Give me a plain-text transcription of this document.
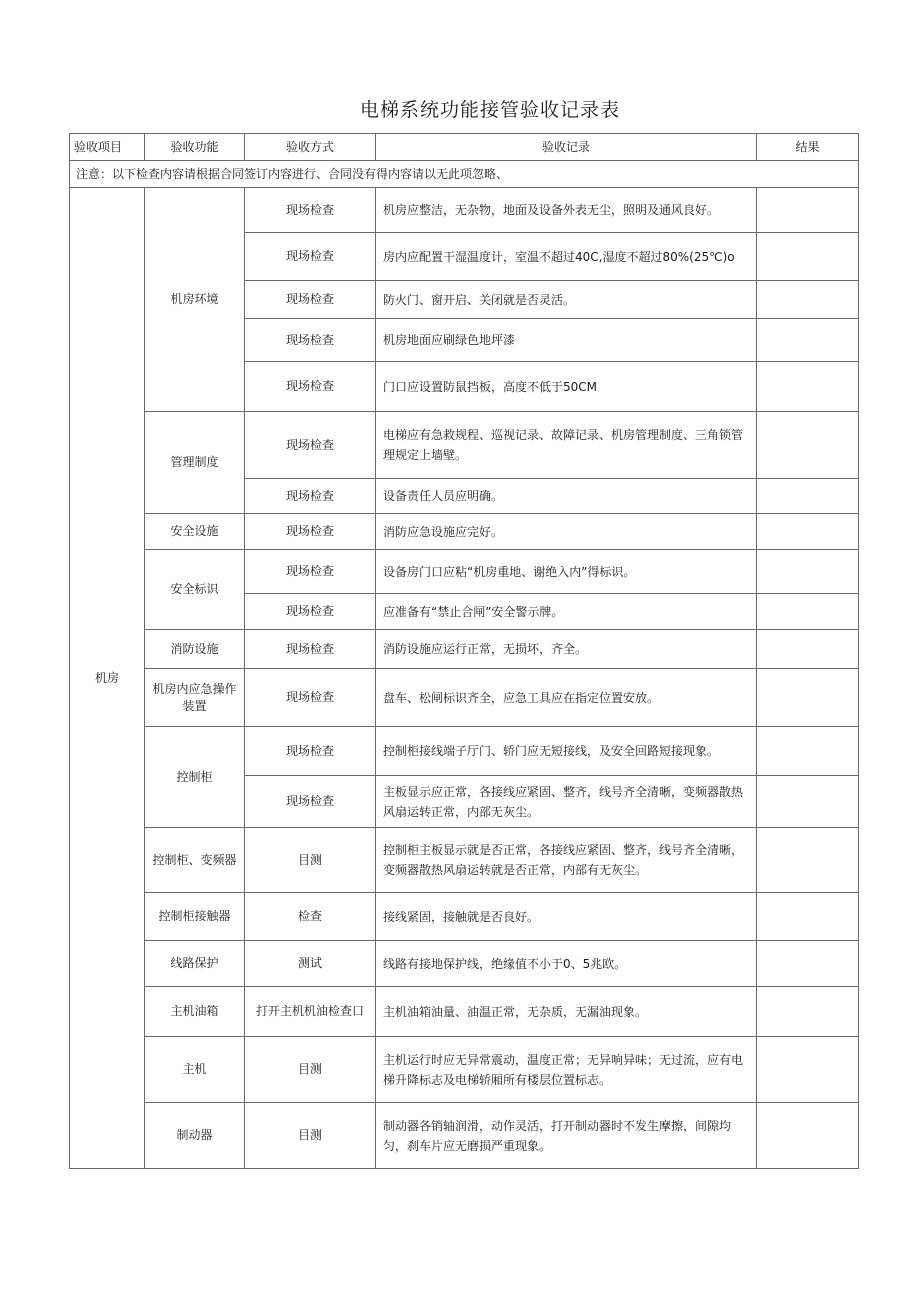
电梯系统功能接管验收记录表
验收项目	验收功能	验收方式	验收记录	结果
注意：以下检查内容请根据合同签订内容进行、合同没有得内容请以无此项忽略、				
机房	机房环境	现场检查	机房应整洁，无杂物，地面及设备外表无尘，照明及通风良好。	
		现场检查	房内应配置干湿温度计，室温不超过40C,湿度不超过80%(25℃)o	
		现场检查	防火门、窗开启、关闭就是否灵活。	
		现场检查	机房地面应刷绿色地坪漆	
		现场检查	门口应设置防鼠挡板，高度不低于50CM	
	管理制度	现场检查	电梯应有急救规程、巡视记录、故障记录、机房管理制度、三角锁管理规定上墙壁。	
		现场检查	设备责任人员应明确。	
	安全设施	现场检查	消防应急设施应完好。	
	安全标识	现场检查	设备房门口应粘“机房重地、谢绝入内”得标识。	
		现场检查	应准备有“禁止合闸”安全警示牌。	
	消防设施	现场检查	消防设施应运行正常，无损坏，齐全。	
	机房内应急操作装置	现场检查	盘车、松闸标识齐全，应急工具应在指定位置安放。	
	控制柜	现场检查	控制柜接线端子厅门、轿门应无短接线，及安全回路短接现象。	
		现场检查	主板显示应正常，各接线应紧固、整齐，线号齐全清晰，变频器散热风扇运转正常，内部无灰尘。	
	控制柜、变频器	目测	控制柜主板显示就是否正常，各接线应紧固、整齐，线号齐全清晰，变频器散热风扇运转就是否正常，内部有无灰尘。	
	控制柜接触器	检查	接线紧固，接触就是否良好。	
	线路保护	测试	线路有接地保护线，绝缘值不小于0、5兆欧。	
	主机油箱	打开主机机油检查口	主机油箱油量、油温正常，无杂质，无漏油现象。	
	主机	目测	主机运行时应无异常震动，温度正常；无异响异味；无过流，应有电梯升降标志及电梯轿厢所有楼层位置标志。	
	制动器	目测	制动器各销轴润滑，动作灵活，打开制动器时不发生摩擦，间隙均匀，刹车片应无磨损严重现象。	
